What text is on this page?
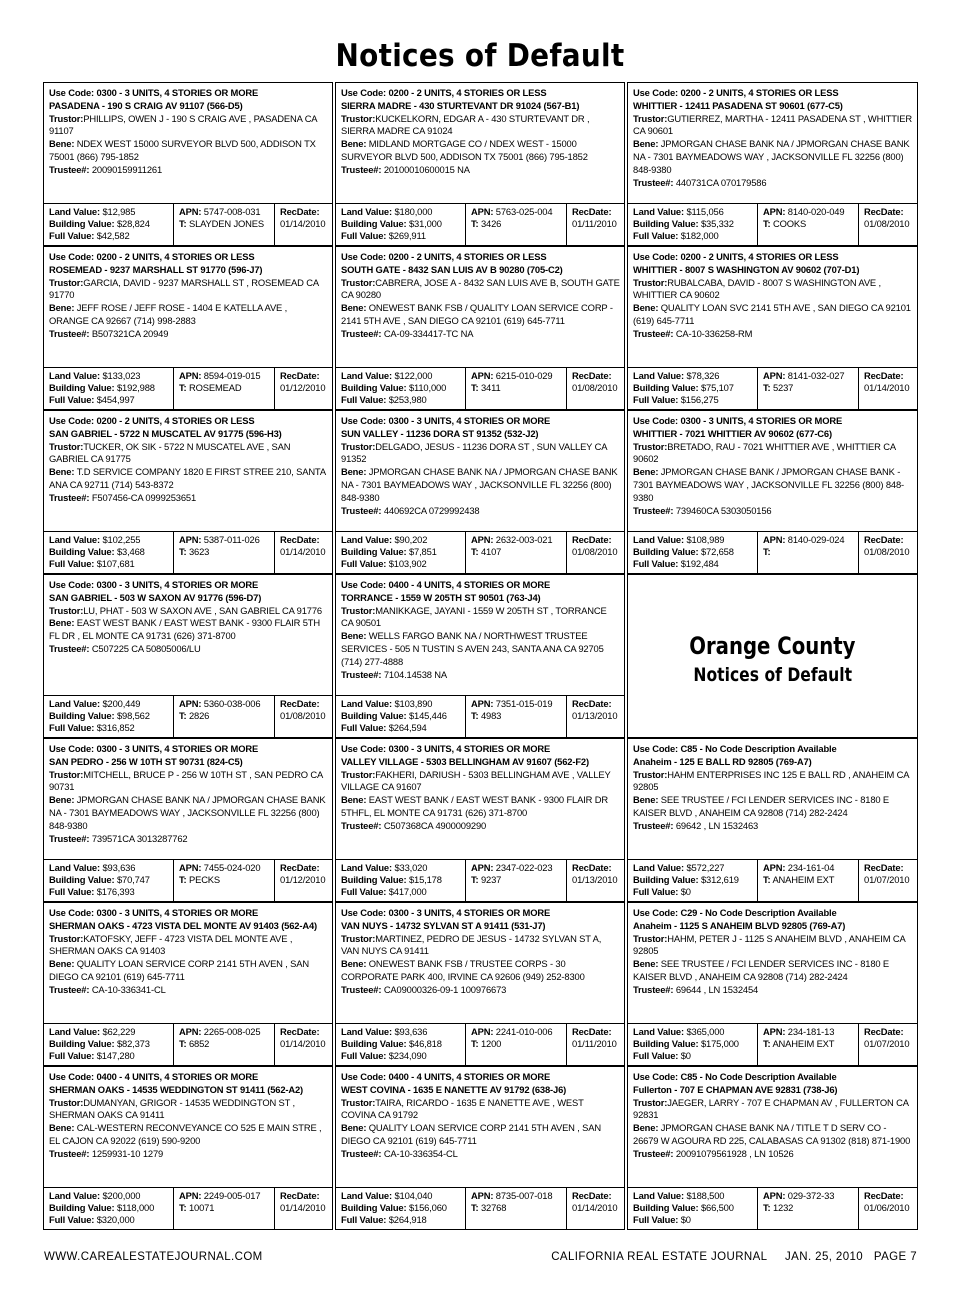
Notices of Default
Use Code: 0300 - 3 UNITS, 4 STORIES OR MORE
PASADENA - 190 S CRAIG AV 91107 (566-D5)
Trustor:PHILLIPS, OWEN J - 190 S CRAIG AVE , PASADENA CA 91107
Bene: NDEX WEST 15000 SURVEYOR BLVD 500, ADDISON TX 75001 (866) 795-1852
Trustee#: 20090159911261
Land Value: $12,985
Building Value: $28,824
Full Value: $42,582
APN: 5747-008-031
T: SLAYDEN JONES
RecDate:
01/14/2010
Use Code: 0200 - 2 UNITS, 4 STORIES OR LESS
ROSEMEAD - 9237 MARSHALL ST 91770 (596-J7)
Trustor:GARCIA, DAVID - 9237 MARSHALL ST , ROSEMEAD CA 91770
Bene: JEFF ROSE / JEFF ROSE - 1404 E KATELLA AVE , ORANGE CA 92667 (714) 998-2883
Trustee#: B507321CA 20949
Land Value: $133,023
Building Value: $192,988
Full Value: $454,997
APN: 8594-019-015
T: ROSEMEAD
RecDate:
01/12/2010
Use Code: 0200 - 2 UNITS, 4 STORIES OR LESS
SAN GABRIEL - 5722 N MUSCATEL AV 91775 (596-H3)
Trustor:TUCKER, OK SIK - 5722 N MUSCATEL AVE , SAN GABRIEL CA 91775
Bene: T.D SERVICE COMPANY 1820 E FIRST STREE 210, SANTA ANA CA 92711 (714) 543-8372
Trustee#: F507456-CA 0999253651
Land Value: $102,255
Building Value: $3,468
Full Value: $107,681
APN: 5387-011-026
T: 3623
RecDate:
01/14/2010
Use Code: 0300 - 3 UNITS, 4 STORIES OR MORE
SAN GABRIEL - 503 W SAXON AV 91776 (596-D7)
Trustor:LU, PHAT - 503 W SAXON AVE , SAN GABRIEL CA 91776
Bene: EAST WEST BANK / EAST WEST BANK - 9300 FLAIR 5TH FL DR , EL MONTE CA 91731 (626) 371-8700
Trustee#: C507225 CA 50805006/LU
Land Value: $200,449
Building Value: $98,562
Full Value: $316,852
APN: 5360-038-006
T: 2826
RecDate:
01/08/2010
Use Code: 0300 - 3 UNITS, 4 STORIES OR MORE
SAN PEDRO - 256 W 10TH ST 90731 (824-C5)
Trustor:MITCHELL, BRUCE P - 256 W 10TH ST , SAN PEDRO CA 90731
Bene: JPMORGAN CHASE BANK NA / JPMORGAN CHASE BANK NA - 7301 BAYMEADOWS WAY , JACKSONVILLE FL 32256 (800) 848-9380
Trustee#: 739571CA 3013287762
Land Value: $93,636
Building Value: $70,747
Full Value: $176,393
APN: 7455-024-020
T: PECKS
RecDate:
01/12/2010
Use Code: 0300 - 3 UNITS, 4 STORIES OR MORE
SHERMAN OAKS - 4723 VISTA DEL MONTE AV 91403 (562-A4)
Trustor:KATOFSKY, JEFF - 4723 VISTA DEL MONTE AVE , SHERMAN OAKS CA 91403
Bene: QUALITY LOAN SERVICE CORP 2141 5TH AVEN , SAN DIEGO CA 92101 (619) 645-7711
Trustee#: CA-10-336341-CL
Land Value: $62,229
Building Value: $82,373
Full Value: $147,280
APN: 2265-008-025
T: 6852
RecDate:
01/14/2010
Use Code: 0400 - 4 UNITS, 4 STORIES OR MORE
SHERMAN OAKS - 14535 WEDDINGTON ST 91411 (562-A2)
Trustor:DUMANYAN, GRIGOR - 14535 WEDDINGTON ST , SHERMAN OAKS CA 91411
Bene: CAL-WESTERN RECONVEYANCE CO 525 E MAIN STRE , EL CAJON CA 92022 (619) 590-9200
Trustee#: 1259931-10 1279
Land Value: $200,000
Building Value: $118,000
Full Value: $320,000
APN: 2249-005-017
T: 10071
RecDate:
01/14/2010
Use Code: 0200 - 2 UNITS, 4 STORIES OR LESS
SIERRA MADRE - 430 STURTEVANT DR 91024 (567-B1)
Trustor:KUCKELKORN, EDGAR A - 430 STURTEVANT DR , SIERRA MADRE CA 91024
Bene: MIDLAND MORTGAGE CO / NDEX WEST - 15000 SURVEYOR BLVD 500, ADDISON TX 75001 (866) 795-1852
Trustee#: 20100010600015 NA
Land Value: $180,000
Building Value: $31,000
Full Value: $269,911
APN: 5763-025-004
T: 3426
RecDate:
01/11/2010
Use Code: 0200 - 2 UNITS, 4 STORIES OR LESS
SOUTH GATE - 8432 SAN LUIS AV B 90280 (705-C2)
Trustor:CABRERA, JOSE A - 8432 SAN LUIS AVE B, SOUTH GATE CA 90280
Bene: ONEWEST BANK FSB / QUALITY LOAN SERVICE CORP - 2141 5TH AVE , SAN DIEGO CA 92101 (619) 645-7711
Trustee#: CA-09-334417-TC NA
Land Value: $122,000
Building Value: $110,000
Full Value: $253,980
APN: 6215-010-029
T: 3411
RecDate:
01/08/2010
Use Code: 0300 - 3 UNITS, 4 STORIES OR MORE
SUN VALLEY - 11236 DORA ST 91352 (532-J2)
Trustor:DELGADO, JESUS - 11236 DORA ST , SUN VALLEY CA 91352
Bene: JPMORGAN CHASE BANK NA / JPMORGAN CHASE BANK NA - 7301 BAYMEADOWS WAY , JACKSONVILLE FL 32256 (800) 848-9380
Trustee#: 440692CA 0729992438
Land Value: $90,202
Building Value: $7,851
Full Value: $103,902
APN: 2632-003-021
T: 4107
RecDate:
01/08/2010
Use Code: 0400 - 4 UNITS, 4 STORIES OR MORE
TORRANCE - 1559 W 205TH ST 90501 (763-J4)
Trustor:MANIKKAGE, JAYANI - 1559 W 205TH ST , TORRANCE CA 90501
Bene: WELLS FARGO BANK NA / NORTHWEST TRUSTEE SERVICES - 505 N TUSTIN S AVEN 243, SANTA ANA CA 92705 (714) 277-4888
Trustee#: 7104.14538 NA
Land Value: $103,890
Building Value: $145,446
Full Value: $264,594
APN: 7351-015-019
T: 4983
RecDate:
01/13/2010
Use Code: 0300 - 3 UNITS, 4 STORIES OR MORE
VALLEY VILLAGE - 5303 BELLINGHAM AV 91607 (562-F2)
Trustor:FAKHERI, DARIUSH - 5303 BELLINGHAM AVE , VALLEY VILLAGE CA 91607
Bene: EAST WEST BANK / EAST WEST BANK - 9300 FLAIR DR 5THFL, EL MONTE CA 91731 (626) 371-8700
Trustee#: C507368CA 4900009290
Land Value: $33,020
Building Value: $15,178
Full Value: $417,000
APN: 2347-022-023
T: 9237
RecDate:
01/13/2010
Use Code: 0300 - 3 UNITS, 4 STORIES OR MORE
VAN NUYS - 14732 SYLVAN ST A 91411 (531-J7)
Trustor:MARTINEZ, PEDRO DE JESUS - 14732 SYLVAN ST A, VAN NUYS CA 91411
Bene: ONEWEST BANK FSB / TRUSTEE CORPS - 30 CORPORATE PARK 400, IRVINE CA 92606 (949) 252-8300
Trustee#: CA09000326-09-1 100976673
Land Value: $93,636
Building Value: $46,818
Full Value: $234,090
APN: 2241-010-006
T: 1200
RecDate:
01/11/2010
Use Code: 0400 - 4 UNITS, 4 STORIES OR MORE
WEST COVINA - 1635 E NANETTE AV 91792 (638-J6)
Trustor:TAIRA, RICARDO - 1635 E NANETTE AVE , WEST COVINA CA 91792
Bene: QUALITY LOAN SERVICE CORP 2141 5TH AVEN , SAN DIEGO CA 92101 (619) 645-7711
Trustee#: CA-10-336354-CL
Land Value: $104,040
Building Value: $156,060
Full Value: $264,918
APN: 8735-007-018
T: 32768
RecDate:
01/14/2010
Use Code: 0200 - 2 UNITS, 4 STORIES OR LESS
WHITTIER - 12411 PASADENA ST 90601 (677-C5)
Trustor:GUTIERREZ, MARTHA - 12411 PASADENA ST , WHITTIER CA 90601
Bene: JPMORGAN CHASE BANK NA / JPMORGAN CHASE BANK NA - 7301 BAYMEADOWS WAY , JACKSONVILLE FL 32256 (800) 848-9380
Trustee#: 440731CA 070179586
Land Value: $115,056
Building Value: $35,332
Full Value: $182,000
APN: 8140-020-049
T: COOKS
RecDate:
01/08/2010
Use Code: 0200 - 2 UNITS, 4 STORIES OR LESS
WHITTIER - 8007 S WASHINGTON AV 90602 (707-D1)
Trustor:RUBALCABA, DAVID - 8007 S WASHINGTON AVE , WHITTIER CA 90602
Bene: QUALITY LOAN SVC 2141 5TH AVE , SAN DIEGO CA 92101 (619) 645-7711
Trustee#: CA-10-336258-RM
Land Value: $78,326
Building Value: $75,107
Full Value: $156,275
APN: 8141-032-027
T: 5237
RecDate:
01/14/2010
Use Code: 0300 - 3 UNITS, 4 STORIES OR MORE
WHITTIER - 7021 WHITTIER AV 90602 (677-C6)
Trustor:BRETADO, RAU - 7021 WHITTIER AVE , WHITTIER CA 90602
Bene: JPMORGAN CHASE BANK / JPMORGAN CHASE BANK - 7301 BAYMEADOWS WAY , JACKSONVILLE FL 32256 (800) 848-9380
Trustee#: 739460CA 5303050156
Land Value: $108,989
Building Value: $72,658
Full Value: $192,484
APN: 8140-029-024
T:
RecDate:
01/08/2010
Orange County
Notices of Default
Use Code: C85 - No Code Description Available
Anaheim - 125 E BALL RD 92805 (769-A7)
Trustor:HAHM ENTERPRISES INC 125 E BALL RD , ANAHEIM CA 92805
Bene: SEE TRUSTEE / FCI LENDER SERVICES INC - 8180 E KAISER BLVD , ANAHEIM CA 92808 (714) 282-2424
Trustee#: 69642 , LN 1532463
Land Value: $572,227
Building Value: $312,619
Full Value: $0
APN: 234-161-04
T: ANAHEIM EXT
RecDate:
01/07/2010
Use Code: C29 - No Code Description Available
Anaheim - 1125 S ANAHEIM BLVD 92805 (769-A7)
Trustor:HAHM, PETER J - 1125 S ANAHEIM BLVD , ANAHEIM CA 92805
Bene: SEE TRUSTEE / FCI LENDER SERVICES INC - 8180 E KAISER BLVD , ANAHEIM CA 92808 (714) 282-2424
Trustee#: 69644 , LN 1532454
Land Value: $365,000
Building Value: $175,000
Full Value: $0
APN: 234-181-13
T: ANAHEIM EXT
RecDate:
01/07/2010
Use Code: C85 - No Code Description Available
Fullerton - 707 E CHAPMAN AVE 92831 (738-J6)
Trustor:JAEGER, LARRY - 707 E CHAPMAN AV , FULLERTON CA 92831
Bene: JPMORGAN CHASE BANK NA / TITLE T D SERV CO - 26679 W AGOURA RD 225, CALABASAS CA 91302 (818) 871-1900
Trustee#: 20091079561928 , LN 10526
Land Value: $188,500
Building Value: $66,500
Full Value: $0
APN: 029-372-33
T: 1232
RecDate:
01/06/2010
WWW.CAREALESTATEJOURNAL.COM	CALIFORNIA REAL ESTATE JOURNAL     JAN. 25, 2010   PAGE 7
